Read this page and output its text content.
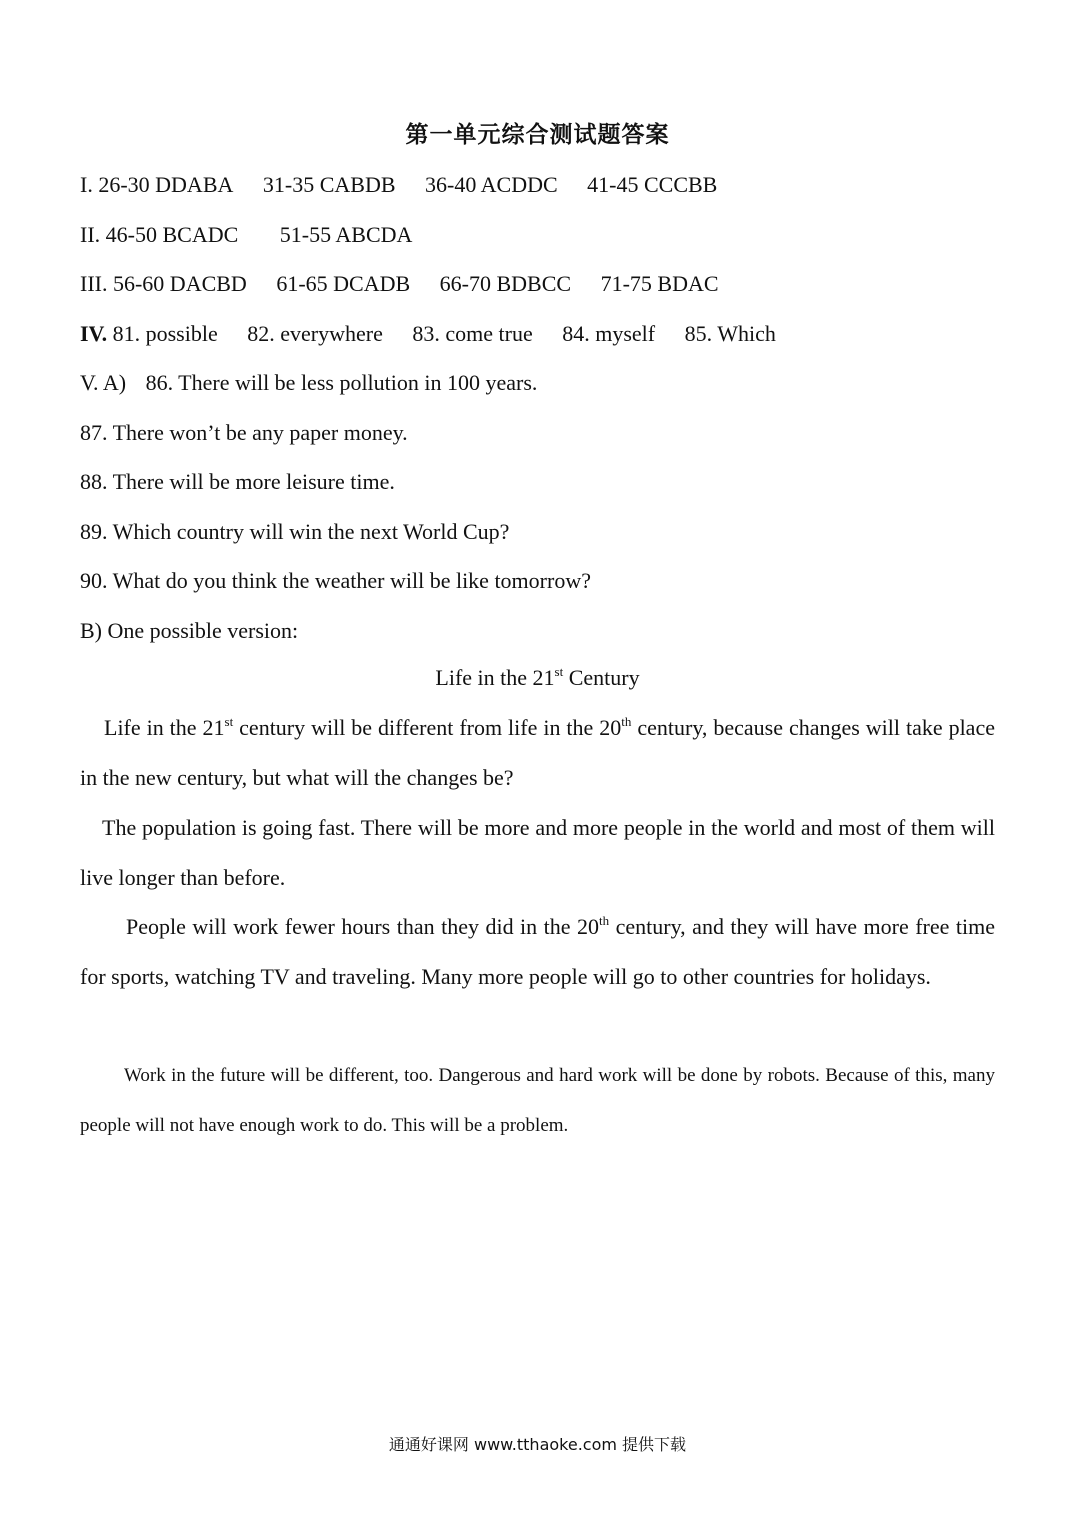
第一单元综合测试题答案
I. 26-30 DDABA 31-35 CABDB 36-40 ACDDC 41-45 CCCBB
II. 46-50 BCADC 51-55 ABCDA
III. 56-60 DACBD 61-65 DCADB 66-70 BDBCC 71-75 BDAC
IV. 81. possible 82. everywhere 83. come true 84. myself 85. Which
V. A) 86. There will be less pollution in 100 years.
87. There won’t be any paper money.
88. There will be more leisure time.
89. Which country will win the next World Cup?
90. What do you think the weather will be like tomorrow?
B) One possible version:
Life in the 21st Century
Life in the 21st century will be different from life in the 20th century, because changes will take place in the new century, but what will the changes be?
The population is going fast. There will be more and more people in the world and most of them will live longer than before.
People will work fewer hours than they did in the 20th century, and they will have more free time for sports, watching TV and traveling. Many more people will go to other countries for holidays.
Work in the future will be different, too. Dangerous and hard work will be done by robots. Because of this, many people will not have enough work to do. This will be a problem.
通通好课网 www.tthaoke.com 提供下载
